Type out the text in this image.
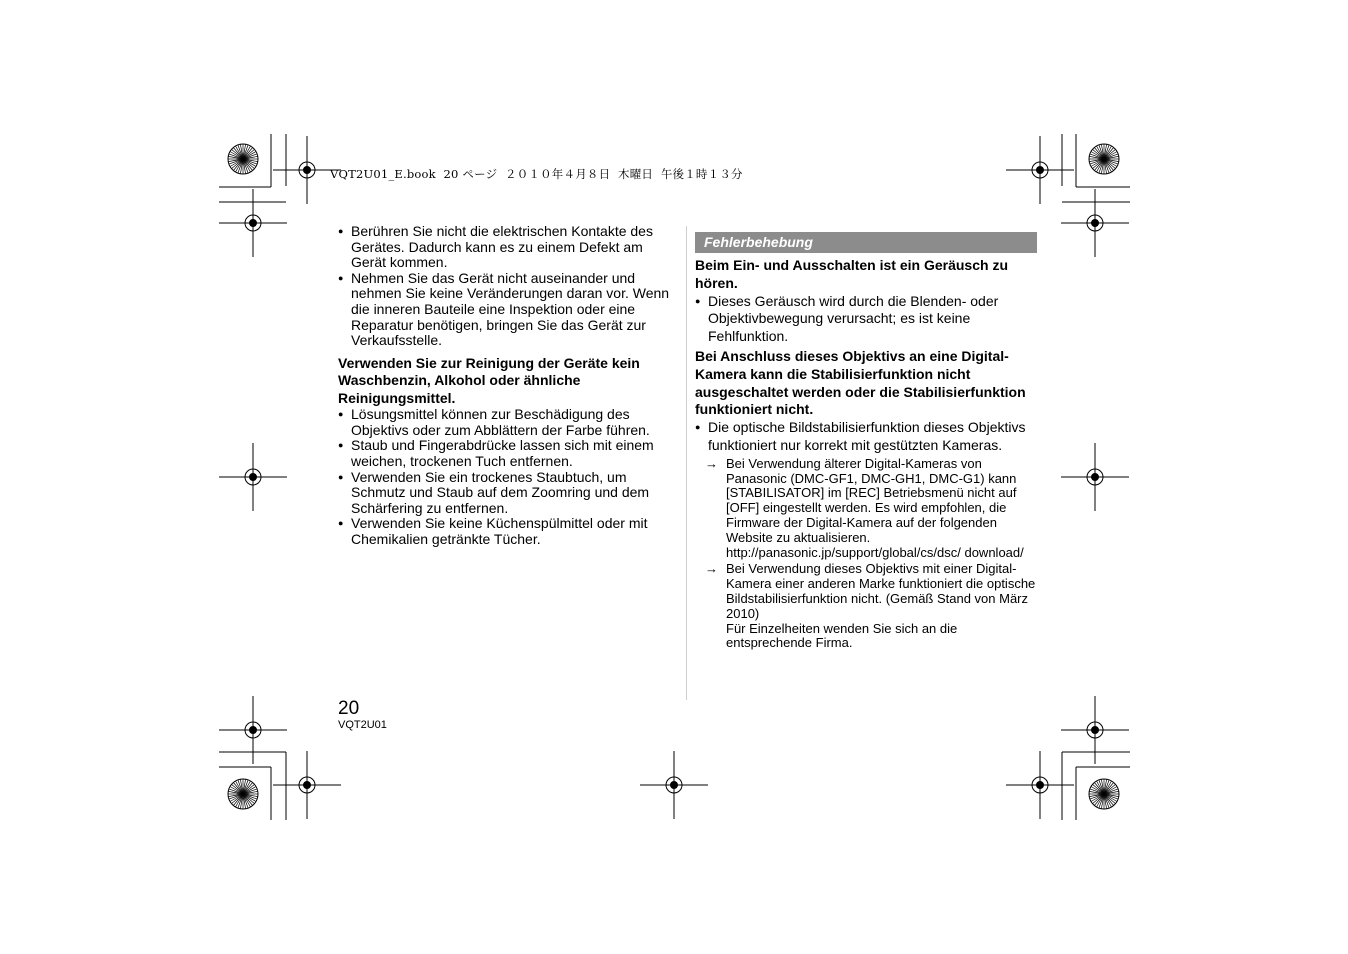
VQT2U01_E.book  20 ページ  ２０１０年４月８日  木曜日  午後１時１３分
● Berühren Sie nicht die elektrischen Kontakte des Gerätes. Dadurch kann es zu einem Defekt am Gerät kommen.
● Nehmen Sie das Gerät nicht auseinander und nehmen Sie keine Veränderungen daran vor. Wenn die inneren Bauteile eine Inspektion oder eine Reparatur benötigen, bringen Sie das Gerät zur Verkaufsstelle.
Verwenden Sie zur Reinigung der Geräte kein Waschbenzin, Alkohol oder ähnliche Reinigungsmittel.
● Lösungsmittel können zur Beschädigung des Objektivs oder zum Abblättern der Farbe führen.
● Staub und Fingerabdrücke lassen sich mit einem weichen, trockenen Tuch entfernen.
● Verwenden Sie ein trockenes Staubtuch, um Schmutz und Staub auf dem Zoomring und dem Schärfering zu entfernen.
● Verwenden Sie keine Küchenspülmittel oder mit Chemikalien getränkte Tücher.
Fehlerbehebung
Beim Ein- und Ausschalten ist ein Geräusch zu hören.
● Dieses Geräusch wird durch die Blenden- oder Objektivbewegung verursacht; es ist keine Fehlfunktion.
Bei Anschluss dieses Objektivs an eine Digital-Kamera kann die Stabilisierfunktion nicht ausgeschaltet werden oder die Stabilisierfunktion funktioniert nicht.
● Die optische Bildstabilisierfunktion dieses Objektivs funktioniert nur korrekt mit gestützten Kameras.
→ Bei Verwendung älterer Digital-Kameras von Panasonic (DMC-GF1, DMC-GH1, DMC-G1) kann [STABILISATOR] im [REC] Betriebsmenü nicht auf [OFF] eingestellt werden. Es wird empfohlen, die Firmware der Digital-Kamera auf der folgenden Website zu aktualisieren.
http://panasonic.jp/support/global/cs/dsc/ download/
→ Bei Verwendung dieses Objektivs mit einer Digital-Kamera einer anderen Marke funktioniert die optische Bildstabilisierfunktion nicht. (Gemäß Stand von März 2010)
Für Einzelheiten wenden Sie sich an die entsprechende Firma.
20
VQT2U01
